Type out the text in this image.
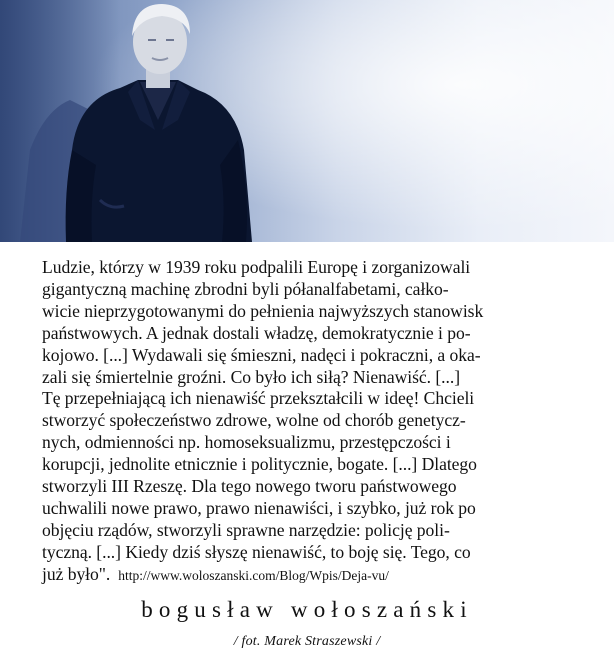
Ludzie, którzy w 1939 roku podpalili Europę i zorganizowali
gigantyczną machinę zbrodni byli półanalfabetami, całko-
wicie nieprzygotowanymi do pełnienia najwyższych stanowisk
państwowych. A jednak dostali władzę, demokratycznie i po-
kojowo. [...] Wydawali się śmieszni, nadęci i pokraczni, a oka-
zali się śmiertelnie groźni. Co było ich siłą? Nienawiść. [...]
Tę przepełniającą ich nienawiść przekształcili w ideę! Chcieli
stworzyć społeczeństwo zdrowe, wolne od chorób genetycz-
nych, odmienności np. homoseksualizmu, przestępczości i
korupcji, jednolite etnicznie i politycznie, bogate. [...] Dlatego
stworzyli III Rzeszę. Dla tego nowego tworu państwowego
uchwalili nowe prawo, prawo nienawiści, i szybko, już rok po
objęciu rządów, stworzyli sprawne narzędzie: policję poli-
tyczną. [...] Kiedy dziś słyszę nienawiść, to boję się. Tego, co
już było". http://www.woloszanski.com/Blog/Wpis/Deja-vu/
bogusław wołoszański
/ fot. Marek Straszewski /
